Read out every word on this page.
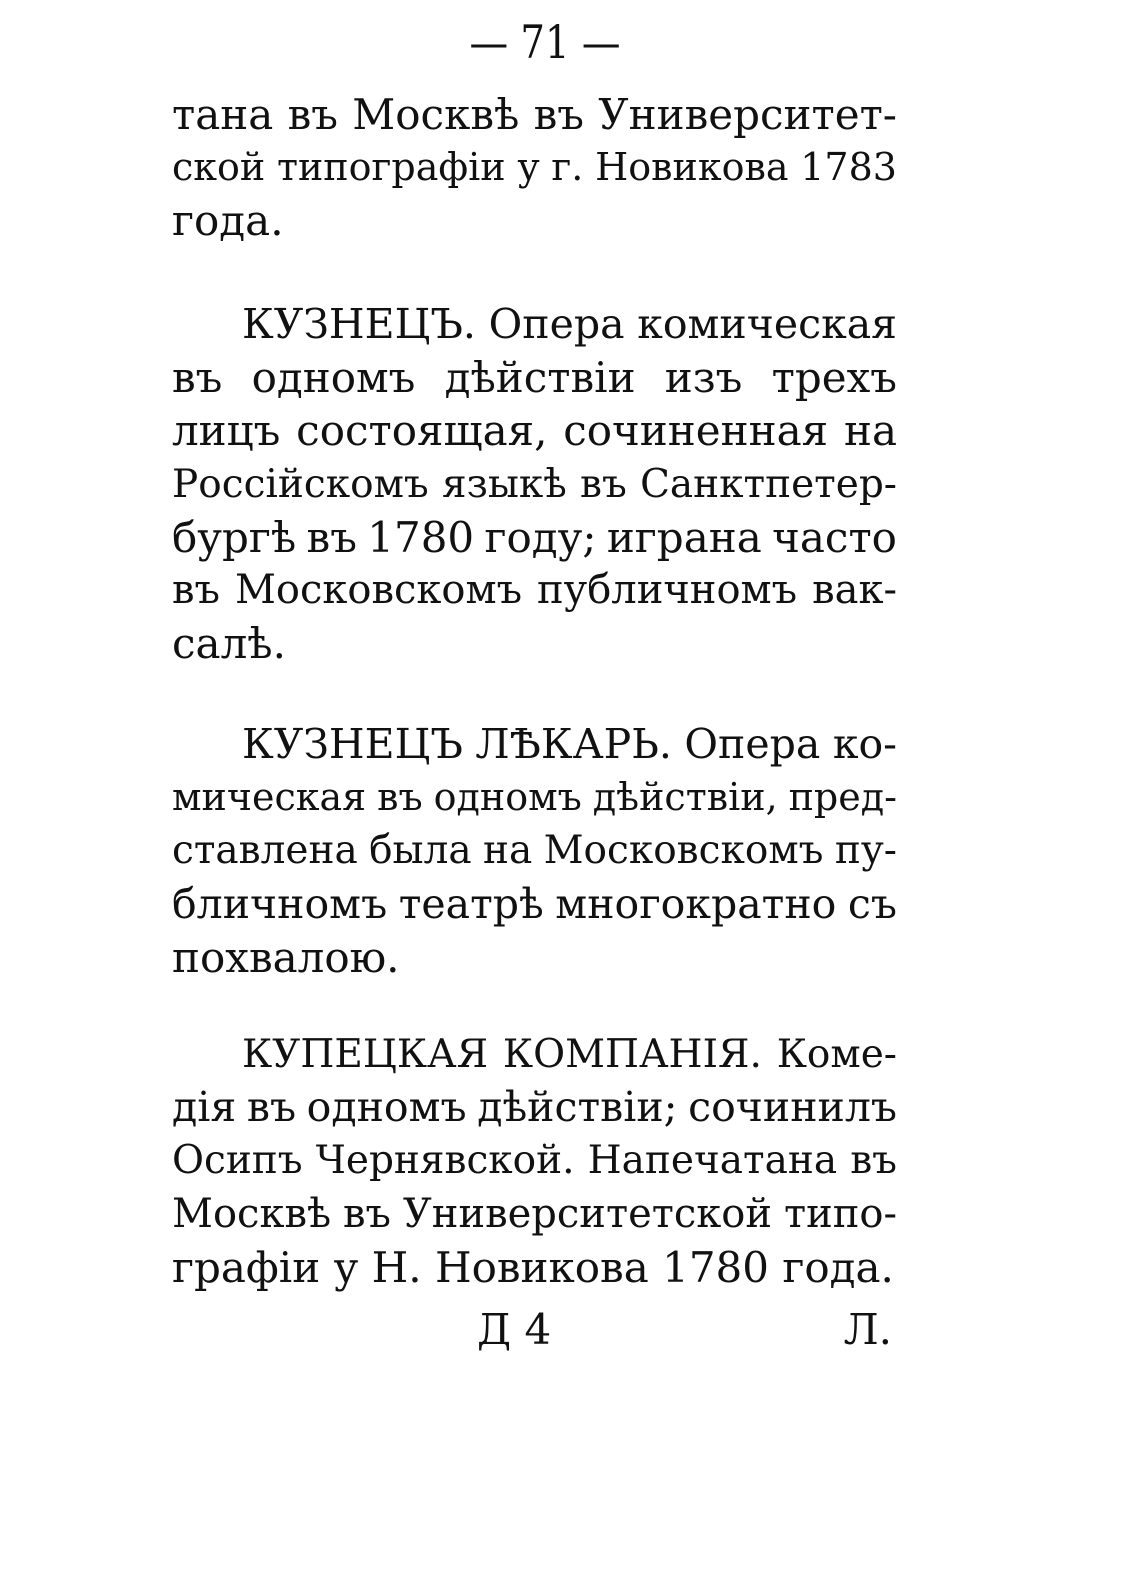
— 71 —
тана въ Москвѣ въ Университет-
ской типографіи у г. Новикова 1783
года.
КУЗНЕЦЪ. Опера комическая
въ одномъ дѣйствіи изъ трехъ
лицъ состоящая, сочиненная на
Россійскомъ языкѣ въ Санктпетер-
бургѣ въ 1780 году; играна часто
въ Московскомъ публичномъ вак-
салѣ.
КУЗНЕЦЪ ЛѢКАРЬ. Опера ко-
мическая въ одномъ дѣйствіи, пред-
ставлена была на Московскомъ пу-
бличномъ театрѣ многократно съ
похвалою.
КУПЕЦКАЯ КОМПАНІЯ. Коме-
дія въ одномъ дѣйствіи; сочинилъ
Осипъ Чернявской. Напечатана въ
Москвѣ въ Университетской типо-
графіи у Н. Новикова 1780 года.
Д 4	Л.
